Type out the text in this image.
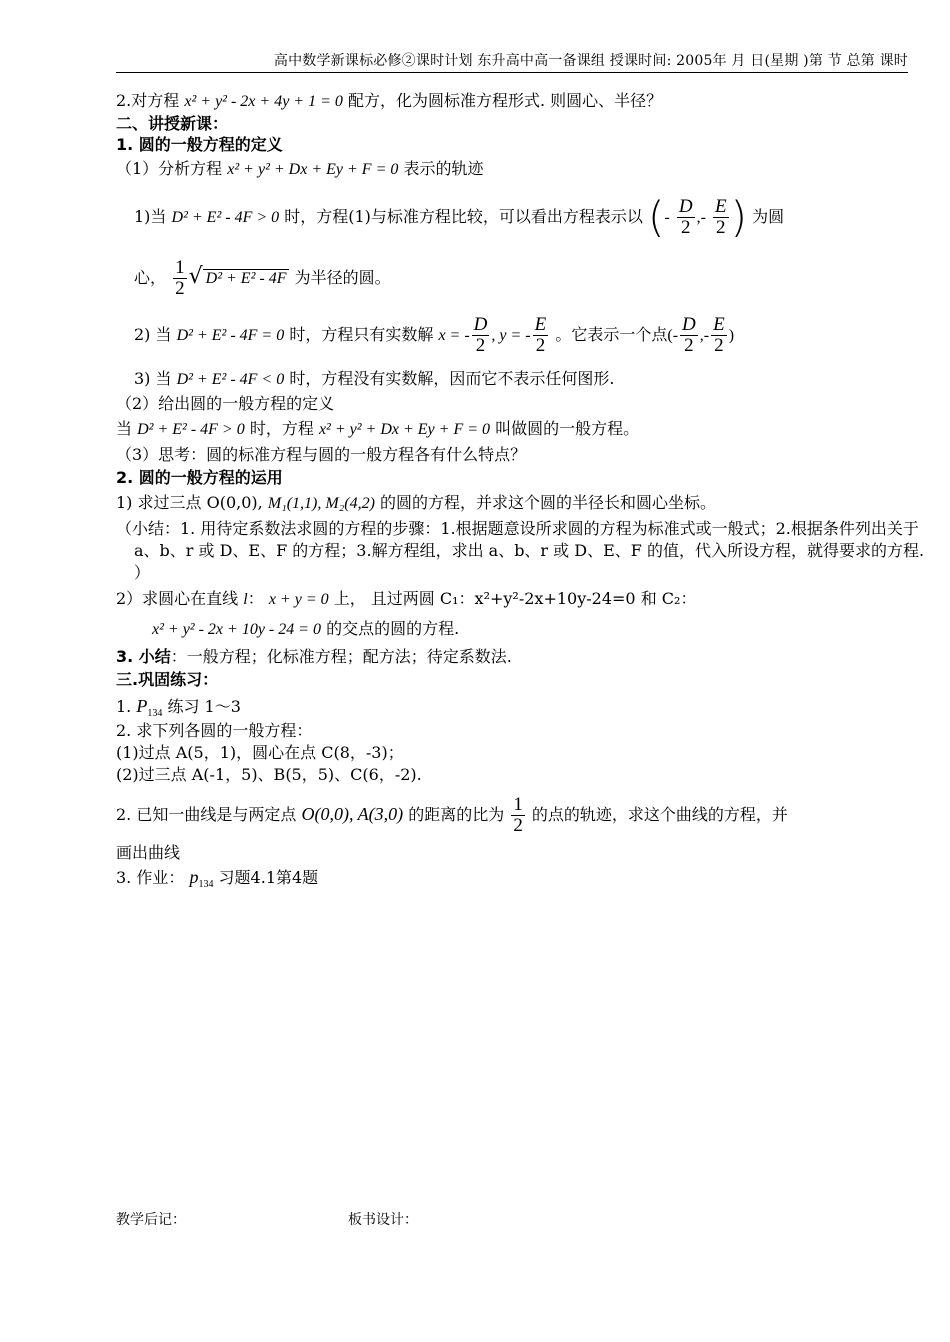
高中数学新课标必修②课时计划 东升高中高一备课组 授课时间: 2005年 月 日(星期 )第 节 总第 课时
2.对方程 x² + y² - 2x + 4y + 1 = 0 配方，化为圆标准方程形式. 则圆心、半径？
二、讲授新课：
1. 圆的一般方程的定义
（1）分析方程 x² + y² + Dx + Ey + F = 0 表示的轨迹
1)当 D² + E² - 4F > 0 时，方程(1)与标准方程比较，可以看出方程表示以 (- $\frac{D}{2}$ ,- $\frac{E}{2}$ ) 为圆
心， $\frac{1}{2}$ √ D² + E² - 4F 为半径的圆。
2) 当 D² + E² - 4F = 0 时，方程只有实数解 x = - $\frac{D}{2}$ , y = - $\frac{E}{2}$ 。它表示一个点(- $\frac{D}{2}$ ,- $\frac{E}{2}$ )
3) 当 D² + E² - 4F < 0 时，方程没有实数解，因而它不表示任何图形.
（2）给出圆的一般方程的定义
当 D² + E² - 4F > 0 时，方程 x² + y² + Dx + Ey + F = 0 叫做圆的一般方程。
（3）思考：圆的标准方程与圆的一般方程各有什么特点？
2. 圆的一般方程的运用
1) 求过三点 O(0,0), M₁(1,1), M₂(4,2) 的圆的方程，并求这个圆的半径长和圆心坐标。
（小结：1. 用待定系数法求圆的方程的步骤：1.根据题意设所求圆的方程为标准式或一般式；2.根据条件列出关于 a、b、r 或 D、E、F 的方程；3.解方程组，求出 a、b、r 或 D、E、F 的值，代入所设方程，就得要求的方程. ）
2）求圆心在直线 l： x + y = 0 上， 且过两圆 C₁：x²+y²-2x+10y-24=0 和 C₂：
x² + y² - 2x + 10y - 24 = 0 的交点的圆的方程.
3. 小结：一般方程；化标准方程；配方法；待定系数法.
三.巩固练习：
1. $P_{134}$ 练习 1～3
2. 求下列各圆的一般方程：
(1)过点 A(5，1)，圆心在点 C(8，-3)；
(2)过三点 A(-1，5)、B(5，5)、C(6，-2).
2. 已知一曲线是与两定点 O(0,0), A(3,0) 的距离的比为 $\frac{1}{2}$ 的点的轨迹，求这个曲线的方程，并
画出曲线
3. 作业： $p_{134}$ 习题4.1第4题
教学后记：	板书设计：
